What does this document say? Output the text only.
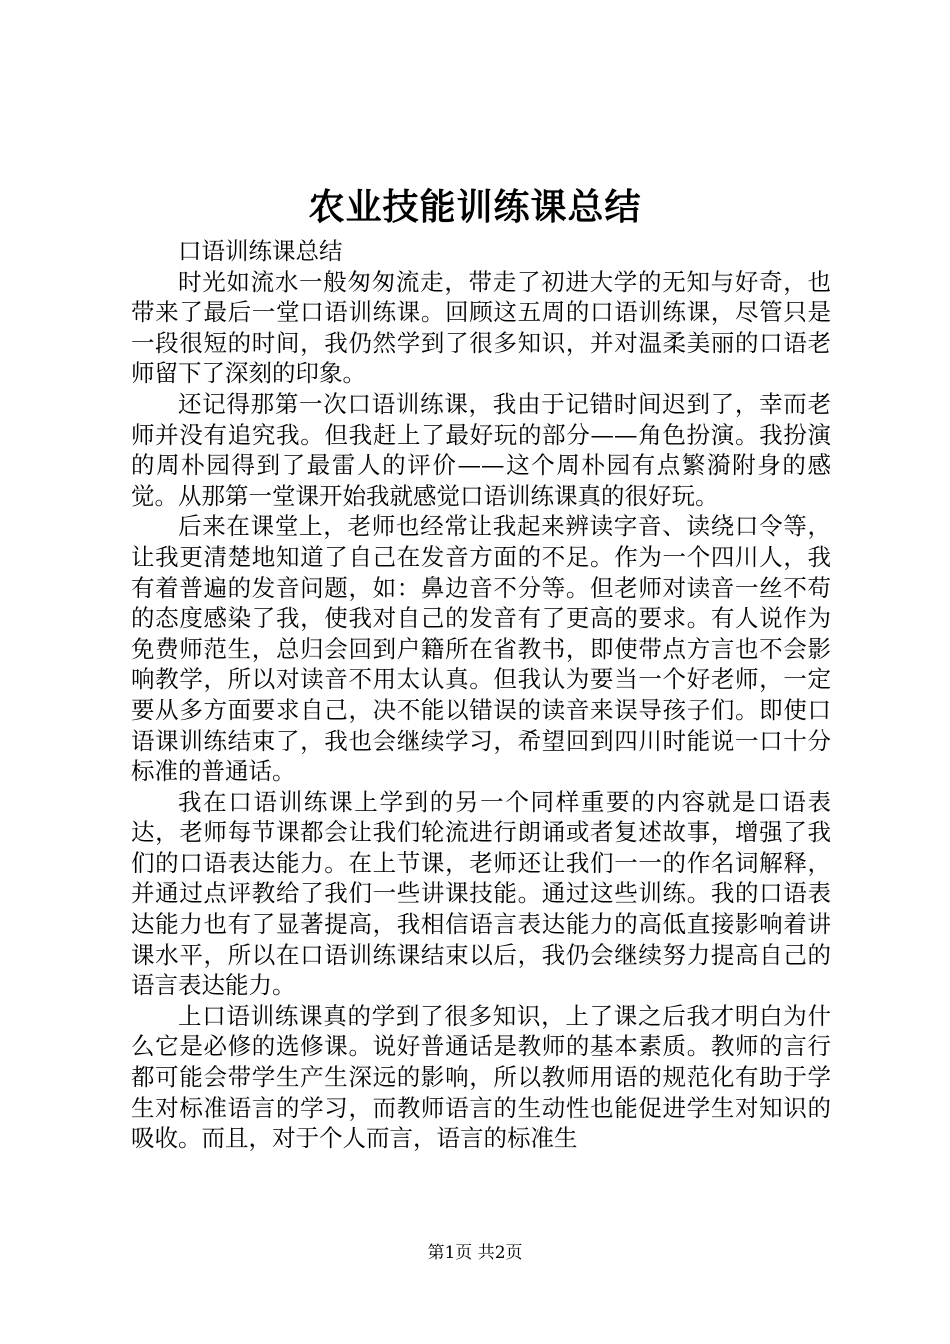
农业技能训练课总结

口语训练课总结

时光如流水一般匆匆流走，带走了初进大学的无知与好奇，也带来了最后一堂口语训练课。回顾这五周的口语训练课，尽管只是一段很短的时间，我仍然学到了很多知识，并对温柔美丽的口语老师留下了深刻的印象。

还记得那第一次口语训练课，我由于记错时间迟到了，幸而老师并没有追究我。但我赶上了最好玩的部分——角色扮演。我扮演的周朴园得到了最雷人的评价——这个周朴园有点繁漪附身的感觉。从那第一堂课开始我就感觉口语训练课真的很好玩。

后来在课堂上，老师也经常让我起来辨读字音、读绕口令等，让我更清楚地知道了自己在发音方面的不足。作为一个四川人，我有着普遍的发音问题，如：鼻边音不分等。但老师对读音一丝不苟的态度感染了我，使我对自己的发音有了更高的要求。有人说作为免费师范生，总归会回到户籍所在省教书，即使带点方言也不会影响教学，所以对读音不用太认真。但我认为要当一个好老师，一定要从多方面要求自己，决不能以错误的读音来误导孩子们。即使口语课训练结束了，我也会继续学习，希望回到四川时能说一口十分标准的普通话。

我在口语训练课上学到的另一个同样重要的内容就是口语表达，老师每节课都会让我们轮流进行朗诵或者复述故事，增强了我们的口语表达能力。在上节课，老师还让我们一一的作名词解释，并通过点评教给了我们一些讲课技能。通过这些训练。我的口语表达能力也有了显著提高，我相信语言表达能力的高低直接影响着讲课水平，所以在口语训练课结束以后，我仍会继续努力提高自己的语言表达能力。

上口语训练课真的学到了很多知识，上了课之后我才明白为什么它是必修的选修课。说好普通话是教师的基本素质。教师的言行都可能会带学生产生深远的影响，所以教师用语的规范化有助于学生对标准语言的学习，而教师语言的生动性也能促进学生对知识的吸收。而且，对于个人而言，语言的标准生

第1页 共2页
